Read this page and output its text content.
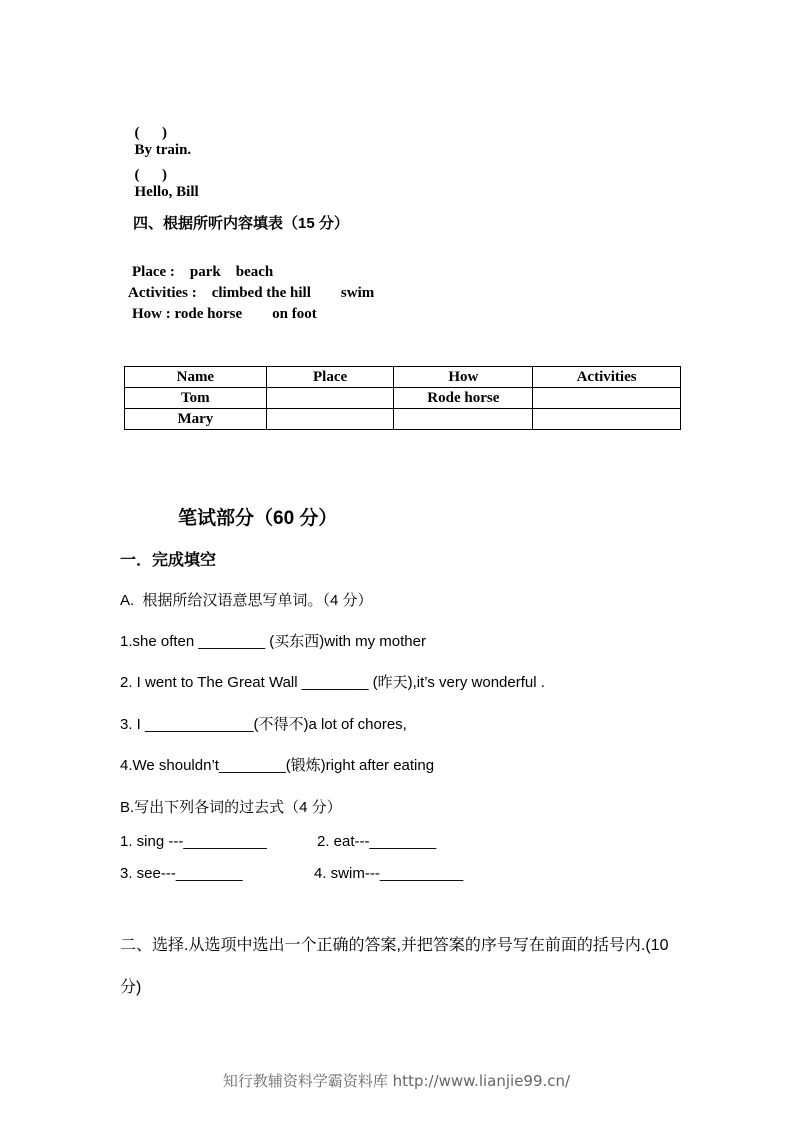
(      )
By train.

(      )
Hello, Bill

四、根据所听内容填表（15 分）
Place :    park    beach
Activities :    climbed the hill        swim
How : rode horse        on foot
Name	Place	How	Activities
Tom		Rode horse	
Mary			
笔试部分（60 分）
一．完成填空
A.  根据所给汉语意思写单词。（4 分）
1.she often ________ (买东西)with my mother
2. I went to The Great Wall ________ (昨天),it’s very wonderful .
3. I _____________(不得不)a lot of chores,
4.We shouldn’t________(锻炼)right after eating
B.写出下列各词的过去式（4 分）
1. sing ---__________	2. eat---________
3. see---________	4. swim---__________
二、选择.从选项中选出一个正确的答案,并把答案的序号写在前面的括号内.(10
分)
知行教辅资料学霸资料库 http://www.lianjie99.cn/
